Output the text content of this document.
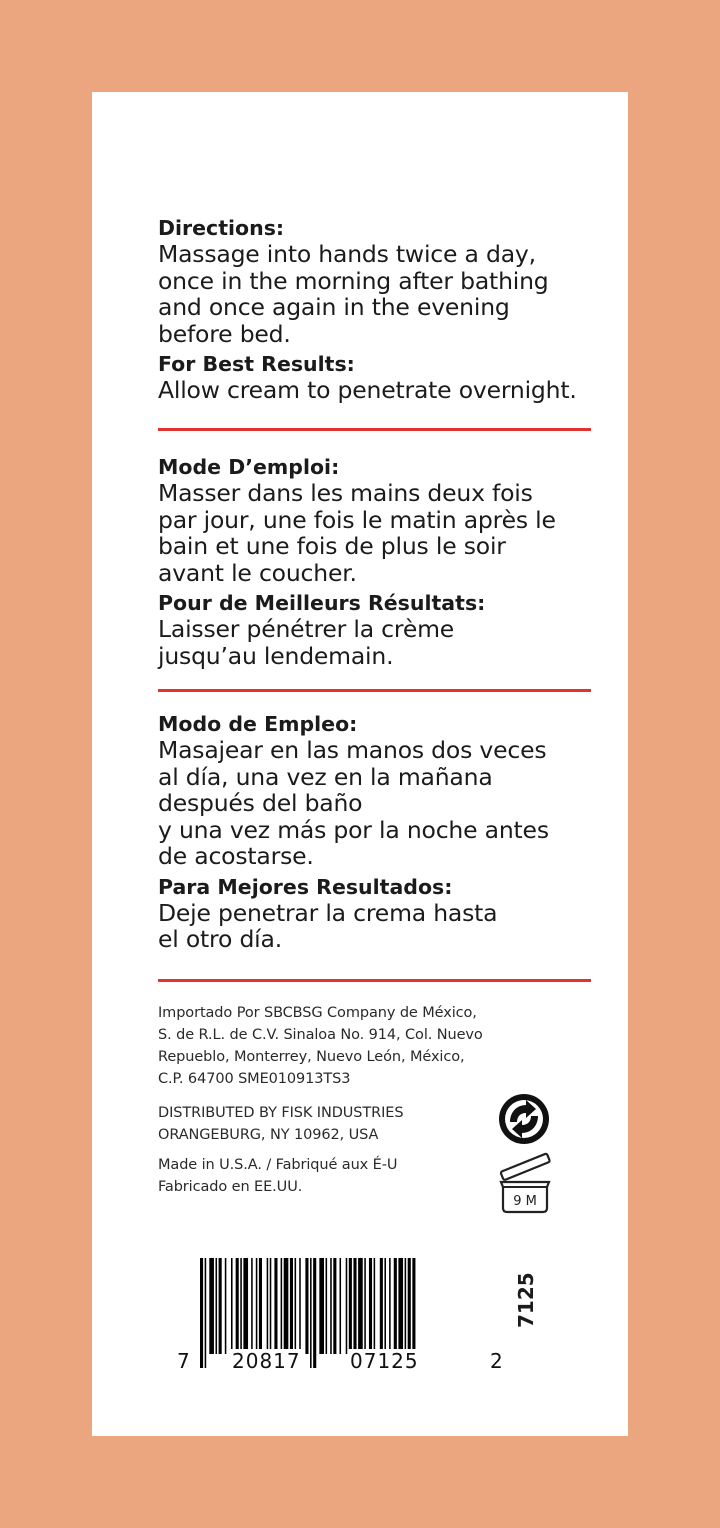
Directions:

Massage into hands twice a day,
once in the morning after bathing
and once again in the evening
before bed.

For Best Results:

Allow cream to penetrate overnight.

Mode D’emploi:

Masser dans les mains deux fois
par jour, une fois le matin après le
bain et une fois de plus le soir
avant le coucher.

Pour de Meilleurs Résultats:

Laisser pénétrer la crème
jusqu’au lendemain.

Modo de Empleo:

Masajear en las manos dos veces
al día, una vez en la mañana
después del baño
y una vez más por la noche antes
de acostarse.

Para Mejores Resultados:

Deje penetrar la crema hasta
el otro día.

Importado Por SBCBSG Company de México,
S. de R.L. de C.V. Sinaloa No. 914, Col. Nuevo
Repueblo, Monterrey, Nuevo León, México,
C.P. 64700 SME010913TS3
DISTRIBUTED BY FISK INDUSTRIES
ORANGEBURG, NY 10962, USA
Made in U.S.A. / Fabriqué aux É-U
Fabricado en EE.UU.
9 M
7 20817 07125	2
7125
